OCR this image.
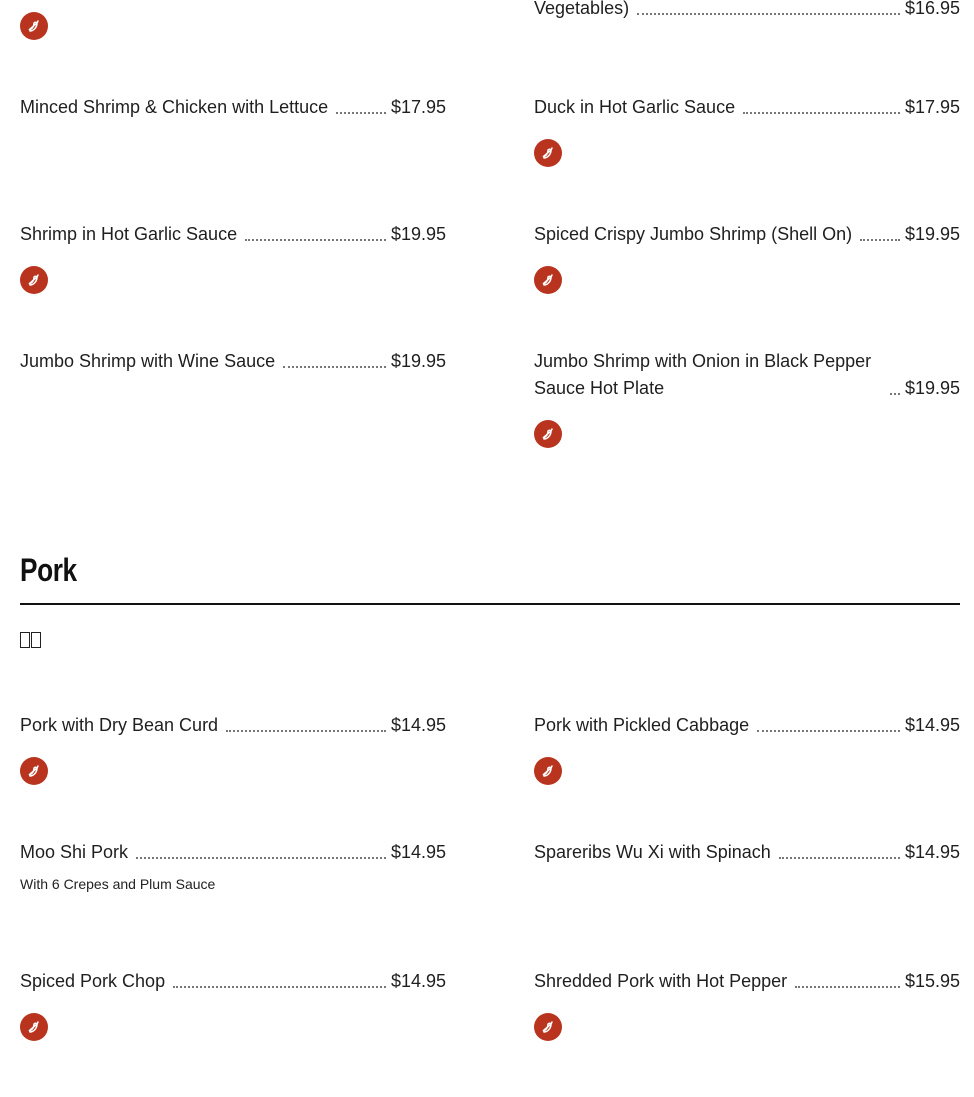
Vegetables)	$16.95
Minced Shrimp & Chicken with Lettuce	$17.95	Duck in Hot Garlic Sauce	$17.95
Shrimp in Hot Garlic Sauce	$19.95	Spiced Crispy Jumbo Shrimp (Shell On)	$19.95
Jumbo Shrimp with Wine Sauce	$19.95	Jumbo Shrimp with Onion in Black Pepper Sauce Hot Plate	$19.95
Pork
Pork with Dry Bean Curd	$14.95	Pork with Pickled Cabbage	$14.95
Moo Shi Pork	$14.95
With 6 Crepes and Plum Sauce
Spareribs Wu Xi with Spinach	$14.95
Spiced Pork Chop	$14.95	Shredded Pork with Hot Pepper	$15.95
